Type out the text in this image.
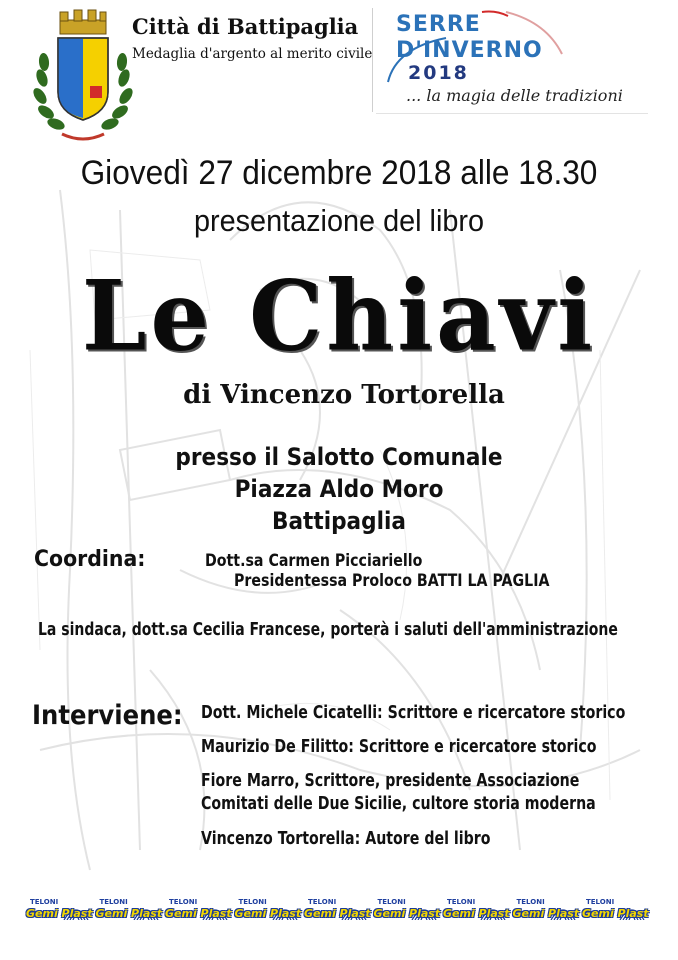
Città di Battipaglia
Medaglia d'argento al merito civile
SERRE
D'INVERNO
2018
... la magia delle tradizioni
Giovedì 27 dicembre 2018 alle 18.30
presentazione del libro
Le Chiavi
di Vincenzo Tortorella
presso il Salotto Comunale
Piazza Aldo Moro
Battipaglia
Coordina:	Dott.sa Carmen Picciariello
Presidentessa Proloco BATTI LA PAGLIA
La sindaca, dott.sa Cecilia Francese, porterà i saluti dell'amministrazione
Interviene: Dott. Michele Cicatelli: Scrittore e ricercatore storico
Maurizio De Filitto: Scrittore e ricercatore storico
Fiore Marro, Scrittore, presidente Associazione
Comitati delle Due Sicilie, cultore storia moderna
Vincenzo Tortorella: Autore del libro
TELONI
Gemi Plast
TELONI
Gemi Plast
TELONI
Gemi Plast
TELONI
Gemi Plast
TELONI
Gemi Plast
TELONI
Gemi Plast
TELONI
Gemi Plast
TELONI
Gemi Plast
TELONI
Gemi Plast
